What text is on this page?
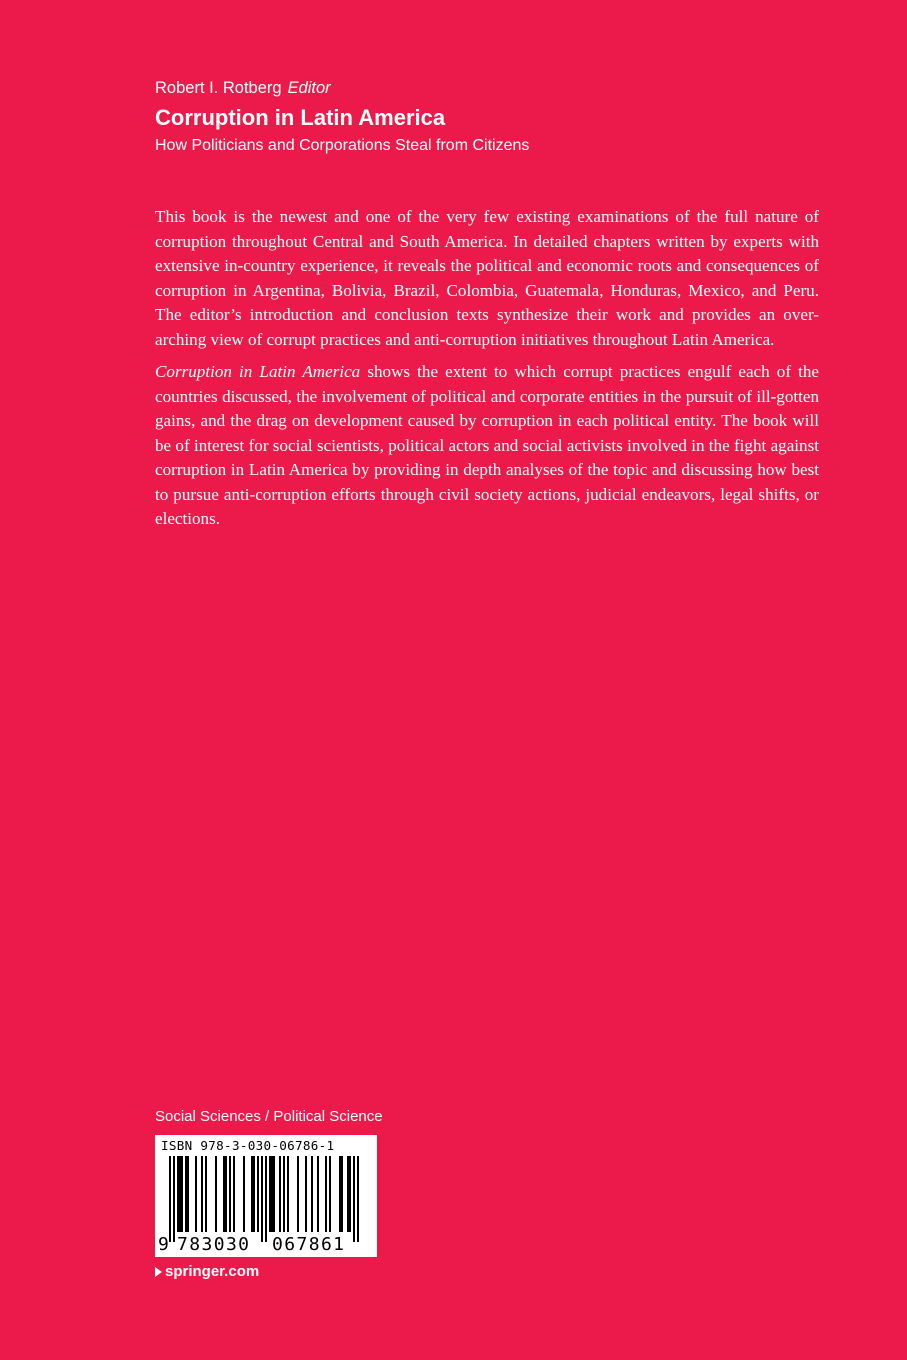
Robert I. Rotberg Editor
Corruption in Latin America
How Politicians and Corporations Steal from Citizens

This book is the newest and one of the very few existing examinations of the full nature of corruption throughout Central and South America. In detailed chapters written by experts with extensive in-country experience, it reveals the political and economic roots and consequences of corruption in Argentina, Bolivia, Brazil, Colombia, Guatemala, Honduras, Mexico, and Peru. The editor’s introduction and conclusion texts synthesize their work and provides an over-arching view of corrupt practices and anti-corruption initiatives throughout Latin America.

Corruption in Latin America shows the extent to which corrupt practices engulf each of the countries discussed, the involvement of political and corporate entities in the pursuit of ill-gotten gains, and the drag on development caused by corruption in each political entity. The book will be of interest for social scientists, political actors and social activists involved in the fight against corruption in Latin America by providing in depth analyses of the topic and discussing how best to pursue anti-corruption efforts through civil society actions, judicial endeavors, legal shifts, or elections.

Social Sciences / Political Science
ISBN 978-3-030-06786-1
9 783030 067861
springer.com
